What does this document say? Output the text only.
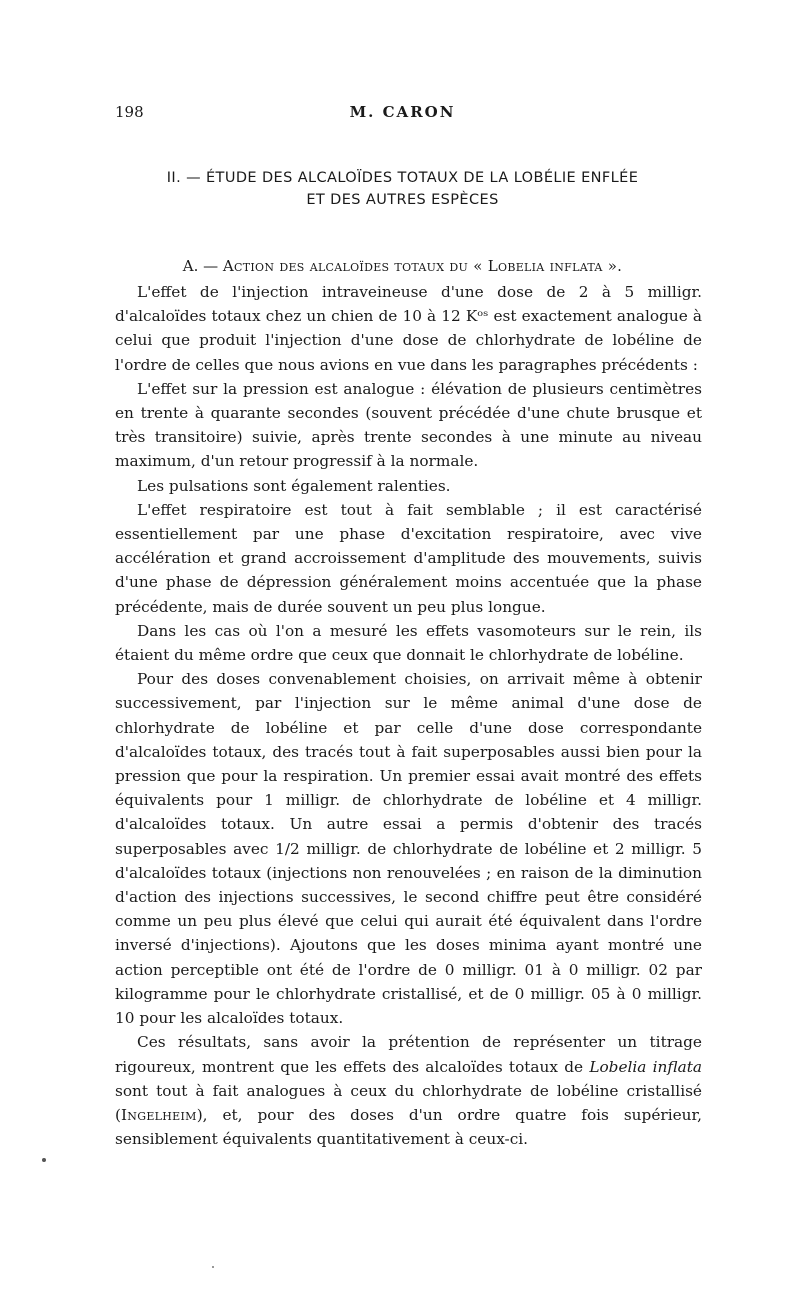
198	M. CARON
II. — ÉTUDE DES ALCALOÏDES TOTAUX DE LA LOBÉLIE ENFLÉE
ET DES AUTRES ESPÈCES
A. — Action des alcaloïdes totaux du « Lobelia inflata ».

L'effet de l'injection intraveineuse d'une dose de 2 à 5 milligr. d'alcaloïdes totaux chez un chien de 10 à 12 Kᵒˢ est exactement analogue à celui que produit l'injection d'une dose de chlorhydrate de lobéline de l'ordre de celles que nous avions en vue dans les paragraphes précédents :

L'effet sur la pression est analogue : élévation de plusieurs centimètres en trente à quarante secondes (souvent précédée d'une chute brusque et très transitoire) suivie, après trente secondes à une minute au niveau maximum, d'un retour progressif à la normale.

Les pulsations sont également ralenties.

L'effet respiratoire est tout à fait semblable ; il est caractérisé essentiellement par une phase d'excitation respiratoire, avec vive accélération et grand accroissement d'amplitude des mouvements, suivis d'une phase de dépression généralement moins accentuée que la phase précédente, mais de durée souvent un peu plus longue.

Dans les cas où l'on a mesuré les effets vasomoteurs sur le rein, ils étaient du même ordre que ceux que donnait le chlorhydrate de lobéline.

Pour des doses convenablement choisies, on arrivait même à obtenir successivement, par l'injection sur le même animal d'une dose de chlorhydrate de lobéline et par celle d'une dose correspondante d'alcaloïdes totaux, des tracés tout à fait superposables aussi bien pour la pression que pour la respiration. Un premier essai avait montré des effets équivalents pour 1 milligr. de chlorhydrate de lobéline et 4 milligr. d'alcaloïdes totaux. Un autre essai a permis d'obtenir des tracés superposables avec 1/2 milligr. de chlorhydrate de lobéline et 2 milligr. 5 d'alcaloïdes totaux (injections non renouvelées ; en raison de la diminution d'action des injections successives, le second chiffre peut être considéré comme un peu plus élevé que celui qui aurait été équivalent dans l'ordre inversé d'injections). Ajoutons que les doses minima ayant montré une action perceptible ont été de l'ordre de 0 milligr. 01 à 0 milligr. 02 par kilogramme pour le chlorhydrate cristallisé, et de 0 milligr. 05 à 0 milligr. 10 pour les alcaloïdes totaux.

Ces résultats, sans avoir la prétention de représenter un titrage rigoureux, montrent que les effets des alcaloïdes totaux de Lobelia inflata sont tout à fait analogues à ceux du chlorhydrate de lobéline cristallisé (Ingelheim), et, pour des doses d'un ordre quatre fois supérieur, sensiblement équivalents quantitativement à ceux-ci.
